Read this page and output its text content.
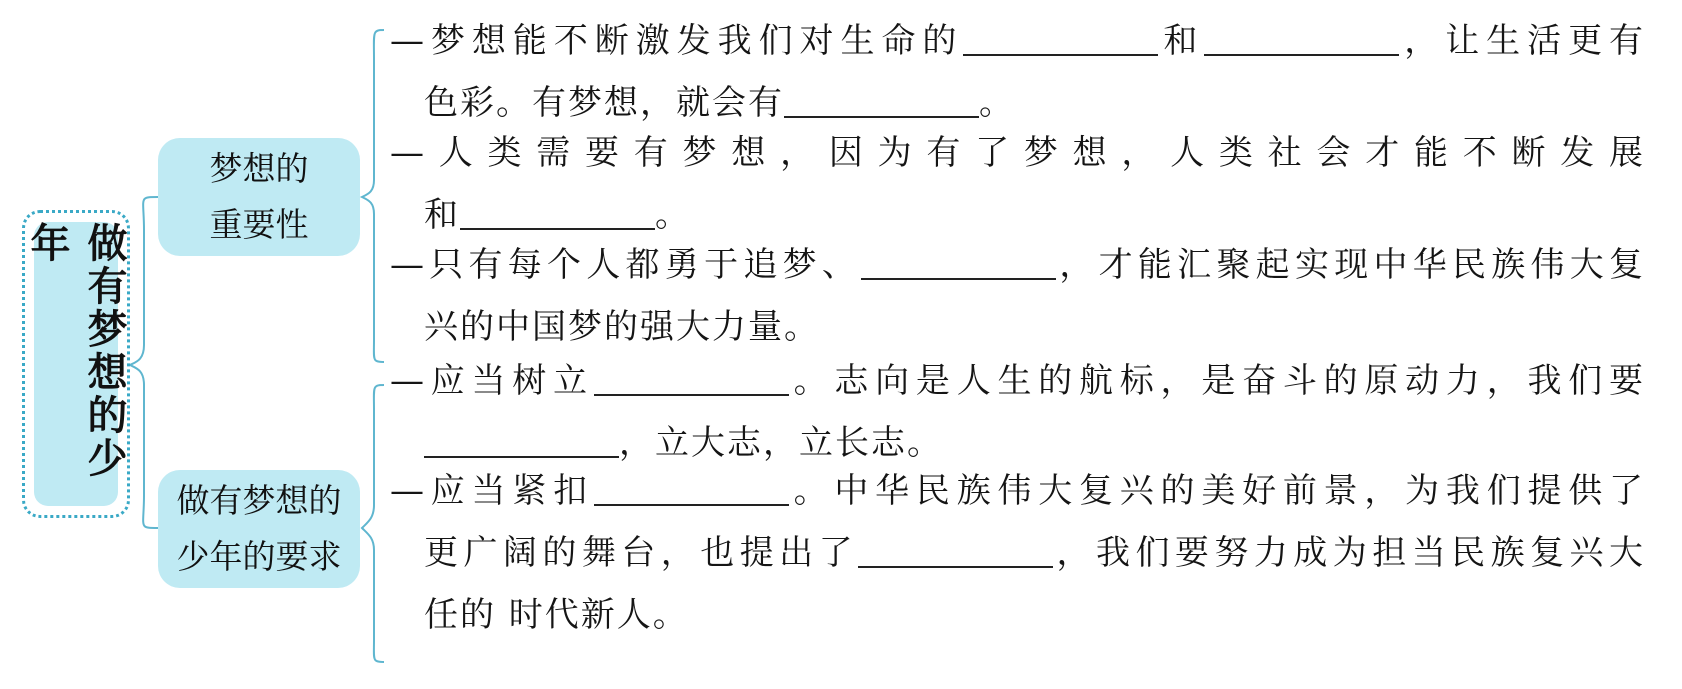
做有梦想的少年
梦想的
重要性
做有梦想的
少年的要求
—梦想能不断激发我们对生命的	和	，让生活更有
色彩。有梦想，就会有	。
—人类需要有梦想，因为有了梦想，人类社会才能不断发展
和	。
—只有每个人都勇于追梦、	，才能汇聚起实现中华民族伟大复
兴的中国梦的强大力量。
—应当树立	。志向是人生的航标，是奋斗的原动力，我们要
，立大志，立长志。
—应当紧扣	。中华民族伟大复兴的美好前景，为我们提供了
更广阔的舞台，也提出了	，我们要努力成为担当民族复兴大
任的 时代新人。
